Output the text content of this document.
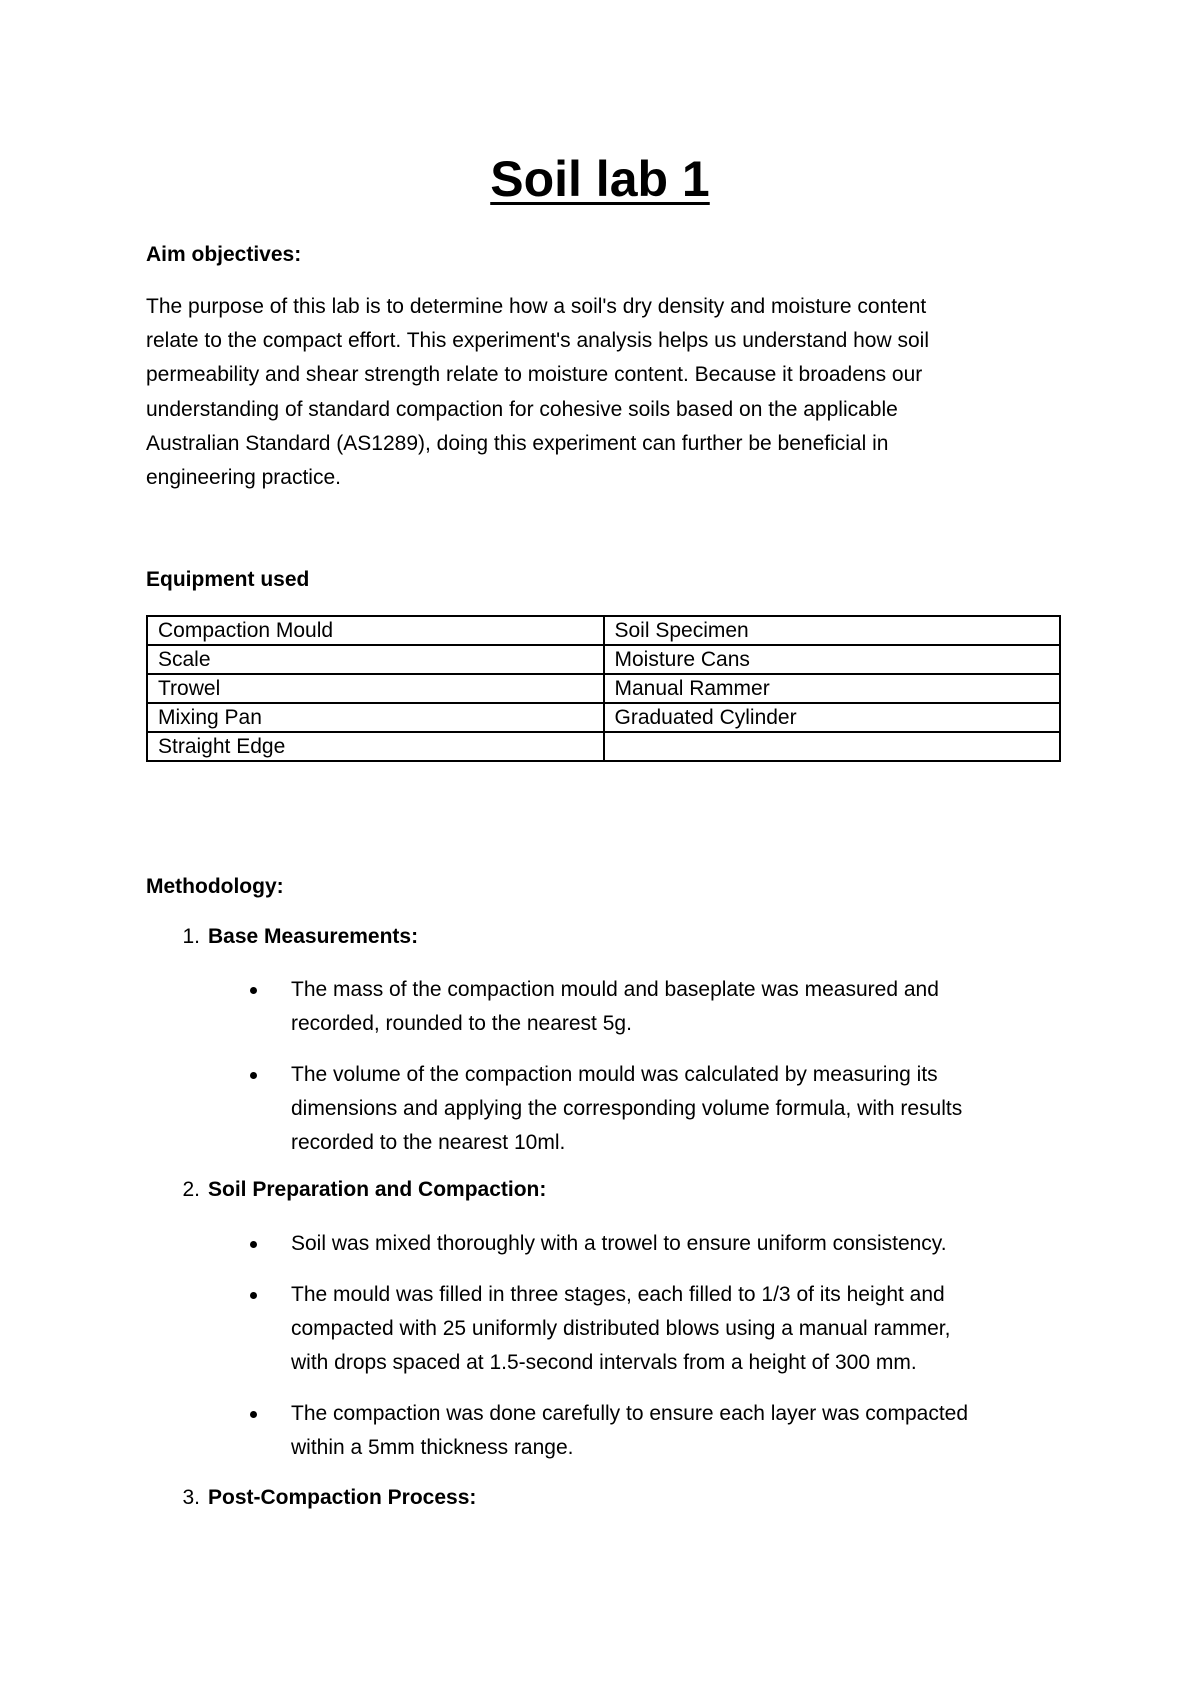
Soil lab 1

Aim objectives:

The purpose of this lab is to determine how a soil's dry density and moisture content
relate to the compact effort. This experiment's analysis helps us understand how soil
permeability and shear strength relate to moisture content. Because it broadens our
understanding of standard compaction for cohesive soils based on the applicable
Australian Standard (AS1289), doing this experiment can further be beneficial in
engineering practice.

Equipment used

Compaction Mould	Soil Specimen
Scale	Moisture Cans
Trowel	Manual Rammer
Mixing Pan	Graduated Cylinder
Straight Edge	

Methodology:

1. Base Measurements:
The mass of the compaction mould and baseplate was measured and
recorded, rounded to the nearest 5g.
The volume of the compaction mould was calculated by measuring its
dimensions and applying the corresponding volume formula, with results
recorded to the nearest 10ml.
2. Soil Preparation and Compaction:
Soil was mixed thoroughly with a trowel to ensure uniform consistency.
The mould was filled in three stages, each filled to 1/3 of its height and
compacted with 25 uniformly distributed blows using a manual rammer,
with drops spaced at 1.5-second intervals from a height of 300 mm.
The compaction was done carefully to ensure each layer was compacted
within a 5mm thickness range.
3. Post-Compaction Process:
